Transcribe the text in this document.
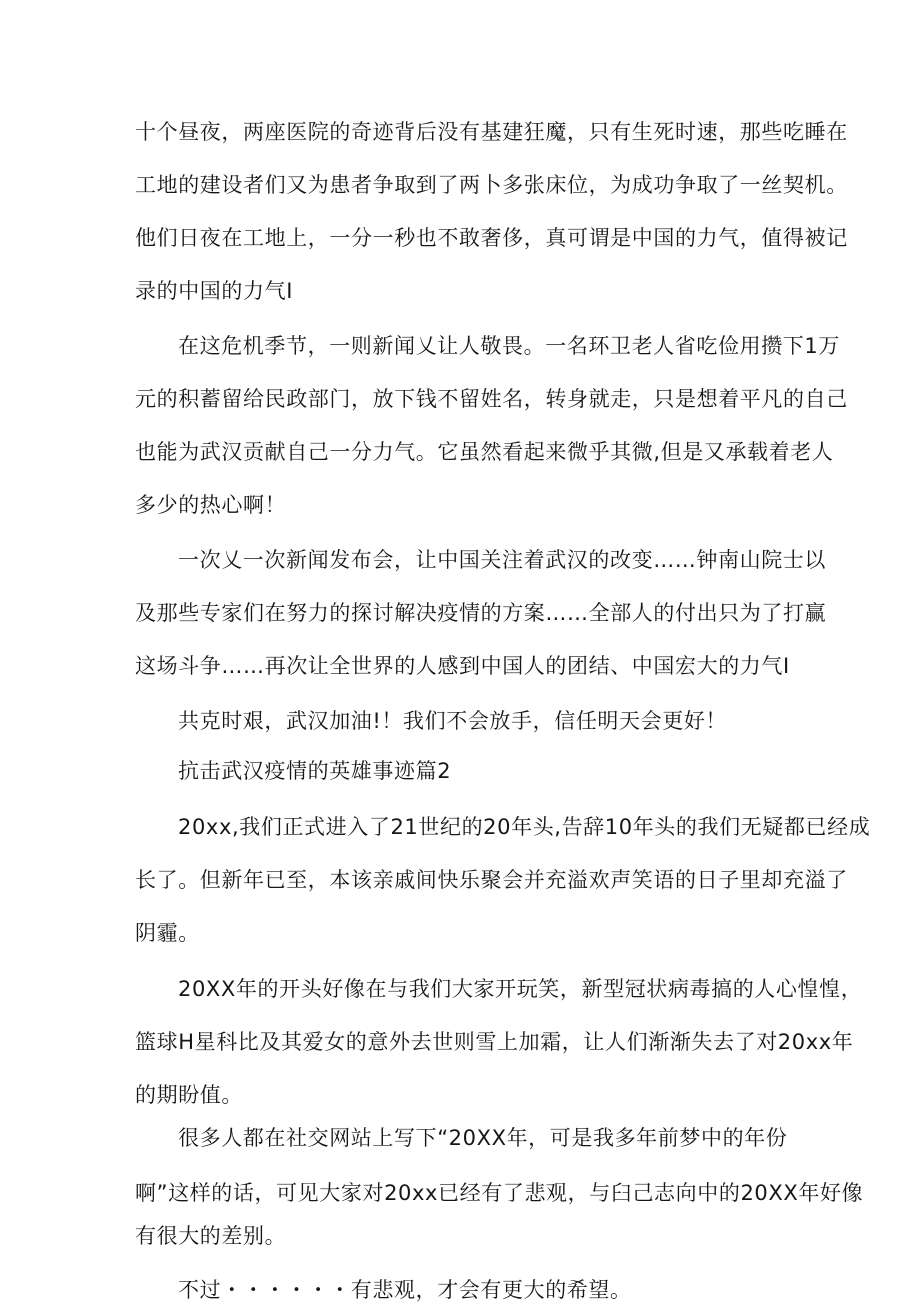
十个昼夜，两座医院的奇迹背后没有基建狂魔，只有生死时速，那些吃睡在
工地的建设者们又为患者争取到了两卜多张床位，为成功争取了一丝契机。
他们日夜在工地上，一分一秒也不敢奢侈，真可谓是中国的力气，值得被记
录的中国的力气I
在这危机季节，一则新闻乂让人敬畏。一名环卫老人省吃俭用攒下1万
元的积蓄留给民政部门，放下钱不留姓名，转身就走，只是想着平凡的自己
也能为武汉贡献自己一分力气。它虽然看起来微乎其微,但是又承载着老人
多少的热心啊！
一次乂一次新闻发布会，让中国关注着武汉的改变……钟南山院士以
及那些专家们在努力的探讨解决疫情的方案……全部人的付出只为了打赢
这场斗争……再次让全世界的人感到中国人的团结、中国宏大的力气I
共克时艰，武汉加油!！我们不会放手，信任明天会更好！
抗击武汉疫情的英雄事迹篇2
20xx,我们正式进入了21世纪的20年头,告辞10年头的我们无疑都已经成
长了。但新年已至，本该亲戚间快乐聚会并充溢欢声笑语的日子里却充溢了
阴霾。
20XX年的开头好像在与我们大家开玩笑，新型冠状病毒搞的人心惶惶，
篮球H星科比及其爱女的意外去世则雪上加霜，让人们渐渐失去了对20xx年
的期盼值。
很多人都在社交网站上写下“20XX年，可是我多年前梦中的年份
啊”这样的话，可见大家对20xx已经有了悲观，与臼己志向中的20XX年好像
有很大的差别。
不过・・・・・・有悲观，才会有更大的希望。
